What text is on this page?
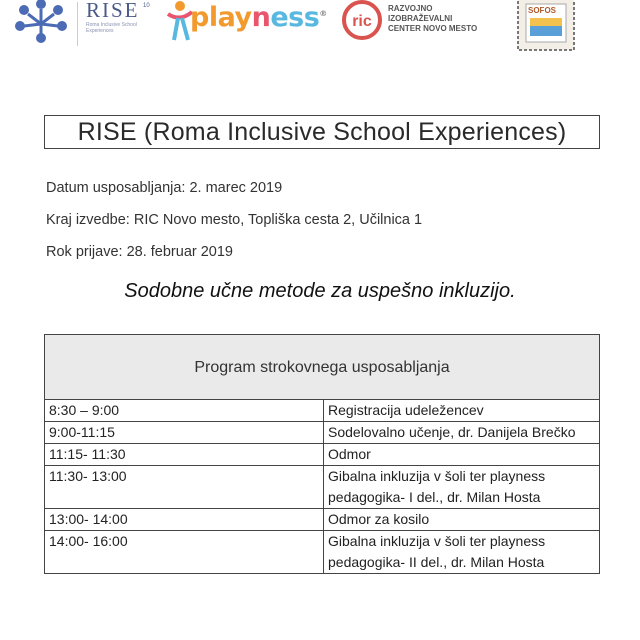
RISE 10
Roma Inclusive School Experiences	playness® ric
RAZVOJNO
IZOBRAŽEVALNI
CENTER NOVO MESTO
SOFOS
RISE (Roma Inclusive School Experiences)
Datum usposabljanja: 2. marec 2019
Kraj izvedbe: RIC Novo mesto, Topliška cesta 2, Učilnica 1
Rok prijave: 28. februar 2019
Sodobne učne metode za uspešno inkluzijo.
Program strokovnega usposabljanja	
8:30 – 9:00	Registracija udeležencev
9:00-11:15	Sodelovalno učenje, dr. Danijela Brečko
11:15- 11:30	Odmor
11:30- 13:00	Gibalna inkluzija v šoli ter playness pedagogika- I del., dr. Milan Hosta
13:00- 14:00	Odmor za kosilo
14:00- 16:00	Gibalna inkluzija v šoli ter playness pedagogika- II del., dr. Milan Hosta
